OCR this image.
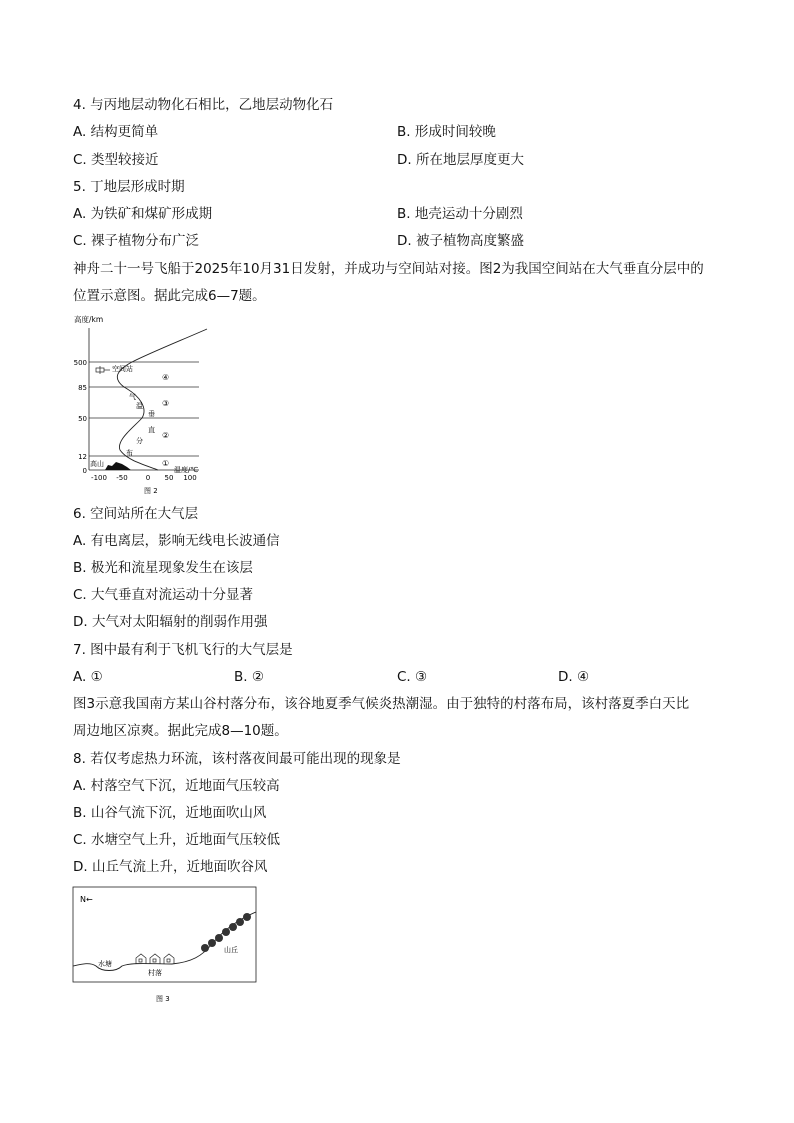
4. 与丙地层动物化石相比，乙地层动物化石
A. 结构更简单	B. 形成时间较晚
C. 类型较接近	D. 所在地层厚度更大
5. 丁地层形成时期
A. 为铁矿和煤矿形成期	B. 地壳运动十分剧烈
C. 裸子植物分布广泛	D. 被子植物高度繁盛
神舟二十一号飞船于2025年10月31日发射，并成功与空间站对接。图2为我国空间站在大气垂直分层中的
位置示意图。据此完成6—7题。
高度/km
500
85
50
12
0
-100 -50	0 50 100
温度/℃
气
温
垂
直
分
布
①
②
③
④
空间站
高山
图 2
6. 空间站所在大气层
A. 有电离层，影响无线电长波通信
B. 极光和流星现象发生在该层
C. 大气垂直对流运动十分显著
D. 大气对太阳辐射的削弱作用强
7. 图中最有利于飞机飞行的大气层是
A. ①	B. ②	C. ③	D. ④
图3示意我国南方某山谷村落分布，该谷地夏季气候炎热潮湿。由于独特的村落布局，该村落夏季白天比
周边地区凉爽。据此完成8—10题。
8. 若仅考虑热力环流，该村落夜间最可能出现的现象是
A. 村落空气下沉，近地面气压较高
B. 山谷气流下沉，近地面吹山风
C. 水塘空气上升，近地面气压较低
D. 山丘气流上升，近地面吹谷风
N←
水塘
村落
山丘
图 3
